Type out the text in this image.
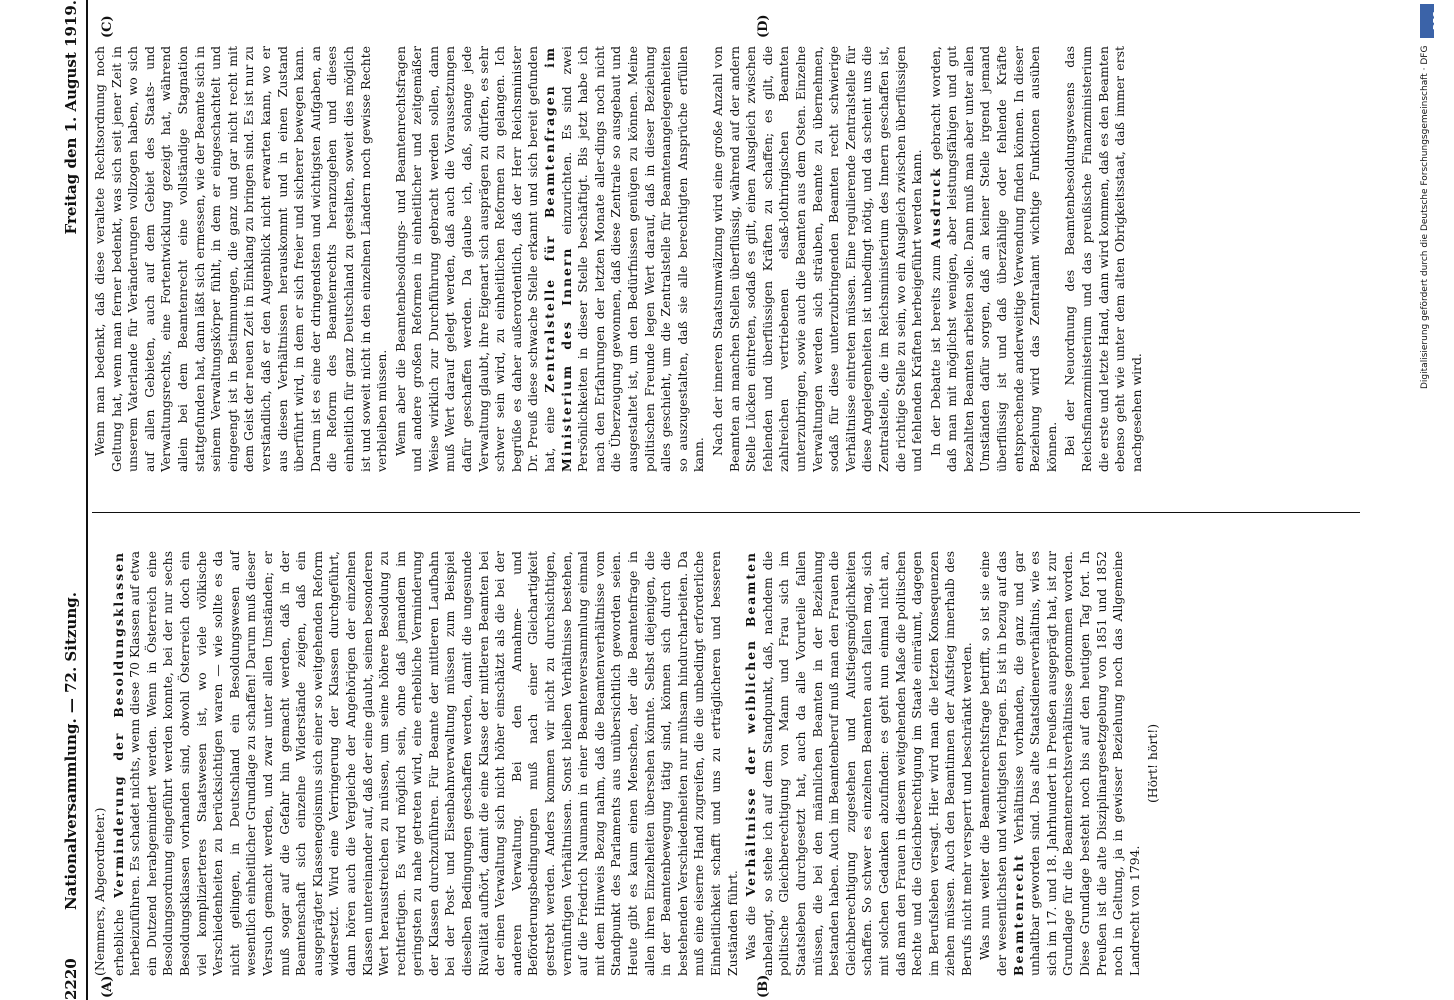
2220
Nationalversammlung. — 72. Sitzung.
Freitag den 1. August 1919.
(A)	(B)
(C)	(D)

(Nemmers, Abgeordneter.) erhebliche Verminderung der Besoldungsklassen herbeizuführen. Es schadet nichts, wenn diese 70 Klassen auf etwa ein Dutzend herabgemindert werden. Wenn in Österreich eine Besoldungsordnung eingeführt werden konnte, bei der nur sechs Besoldungsklassen vorhanden sind, obwohl Österreich doch ein viel komplizierteres Staatswesen ist, wo viele völkische Verschiedenheiten zu berücksichtigen waren — wie sollte es da nicht gelingen, in Deutschland ein Besoldungswesen auf wesentlich einheitlicher Grundlage zu schaffen! Darum muß dieser Versuch gemacht werden, und zwar unter allen Umständen; er muß sogar auf die Gefahr hin gemacht werden, daß in der Beamtenschaft sich einzelne Widerstände zeigen, daß ein ausgeprägter Klassenegoismus sich einer so weitgehenden Reform widersetzt. Wird eine Verringerung der Klassen durchgeführt, dann hören auch die Vergleiche der Angehörigen der einzelnen Klassen untereinander auf, daß der eine glaubt, seinen besonderen Wert herausstreichen zu müssen, um seine höhere Besoldung zu rechtfertigen. Es wird möglich sein, ohne daß jemandem im geringsten zu nahe getreten wird, eine erhebliche Verminderung der Klassen durchzuführen. Für Beamte der mittleren Laufbahn bei der Post- und Eisenbahnverwaltung müssen zum Beispiel dieselben Bedingungen geschaffen werden, damit die ungesunde Rivalität aufhört, damit die eine Klasse der mittleren Beamten bei der einen Verwaltung sich nicht höher einschätzt als die bei der anderen Verwaltung. Bei den Annahme- und Beförderungsbedingungen muß nach einer Gleichartigkeit gestrebt werden. Anders kommen wir nicht zu durchsichtigen, vernünftigen Verhältnissen. Sonst bleiben Verhältnisse bestehen, auf die Friedrich Naumann in einer Beamtenversammlung einmal mit dem Hinweis Bezug nahm, daß die Beamtenverhältnisse vom Standpunkt des Parlaments aus unübersichtlich geworden seien. Heute gibt es kaum einen Menschen, der die Beamtenfrage in allen ihren Einzelheiten übersehen könnte. Selbst diejenigen, die in der Beamtenbewegung tätig sind, können sich durch die bestehenden Verschiedenheiten nur mühsam hindurcharbeiten. Da muß eine eiserne Hand zugreifen, die die unbedingt erforderliche Einheitlichkeit schafft und uns zu erträglicheren und besseren Zuständen führt. Was die Verhältnisse der weiblichen Beamten anbelangt, so stehe ich auf dem Standpunkt, daß, nachdem die politische Gleichberechtigung von Mann und Frau sich im Staatsleben durchgesetzt hat, auch da alle Vorurteile fallen müssen, die bei den männlichen Beamten in der Beziehung bestanden haben. Auch im Beamtenberuf muß man den Frauen die Gleichberechtigung zugestehen und Aufstiegsmöglichkeiten schaffen. So schwer es einzelnen Beamten auch fallen mag, sich mit solchen Gedanken abzufinden: es geht nun einmal nicht an, daß man den Frauen in diesem weitgehenden Maße die politischen Rechte und die Gleichberechtigung im Staate einräumt, dagegen im Berufsleben versagt. Hier wird man die letzten Konsequenzen ziehen müssen. Auch den Beamtinnen der Aufstieg innerhalb des Berufs nicht mehr versperrt und beschränkt werden. Was nun weiter die Beamtenrechtsfrage betrifft, so ist sie eine der wesentlichsten und wichtigsten Fragen. Es ist in bezug auf das Beamtenrecht Verhältnisse vorhanden, die ganz und gar unhaltbar geworden sind. Das alte Staatsdienerverhältnis, wie es sich im 17. und 18. Jahrhundert in Preußen ausgeprägt hat, ist zur Grundlage für die Beamtenrechtsverhältnisse genommen worden. Diese Grundlage besteht noch bis auf den heutigen Tag fort. In Preußen ist die alte Disziplinargesetzgebung von 1851 und 1852 noch in Geltung, ja in gewisser Beziehung noch das Allgemeine Landrecht von 1794.

(Hört! hört!)

Wenn man bedenkt, daß diese veraltete Rechtsordnung noch Geltung hat, wenn man ferner bedenkt, was sich seit jener Zeit in unserem Vaterlande für Veränderungen vollzogen haben, wo sich auf allen Gebieten, auch auf dem Gebiet des Staats- und Verwaltungsrechts, eine Fortentwicklung gezeigt hat, während allein bei dem Beamtenrecht eine vollständige Stagnation stattgefunden hat, dann läßt sich ermessen, wie der Beamte sich in seinem Verwaltungskörper fühlt, in dem er eingeschachtelt und eingeengt ist in Bestimmungen, die ganz und gar nicht recht mit dem Geist der neuen Zeit in Einklang zu bringen sind. Es ist nur zu verständlich, daß er den Augenblick nicht erwarten kann, wo er aus diesen Verhältnissen herauskommt und in einen Zustand überführt wird, in dem er sich freier und sicherer bewegen kann. Darum ist es eine der dringendsten und wichtigsten Aufgaben, an die Reform des Beamtenrechts heranzugehen und dieses einheitlich für ganz Deutschland zu gestalten, soweit dies möglich ist und soweit nicht in den einzelnen Ländern noch gewisse Rechte verbleiben müssen. Wenn aber die Beamtenbesoldungs- und Beamtenrechtsfragen und andere großen Reformen in einheitlicher und zeitgemäßer Weise wirklich zur Durchführung gebracht werden sollen, dann muß Wert darauf gelegt werden, daß auch die Voraussetzungen dafür geschaffen werden. Da glaube ich, daß, solange jede Verwaltung glaubt, ihre Eigenart sich ausprägen zu dürfen, es sehr schwer sein wird, zu einheitlichen Reformen zu gelangen. Ich begrüße es daher außerordentlich, daß der Herr Reichsminister Dr. Preuß diese schwache Stelle erkannt und sich bereit gefunden hat, eine Zentralstelle für Beamtenfragen im Ministerium des Innern einzurichten. Es sind zwei Persönlichkeiten in dieser Stelle beschäftigt. Bis jetzt habe ich nach den Erfahrungen der letzten Monate aller-dings noch nicht die Überzeugung gewonnen, daß diese Zentrale so ausgebaut und ausgestaltet ist, um den Bedürfnissen genügen zu können. Meine politischen Freunde legen Wert darauf, daß in dieser Beziehung alles geschieht, um die Zentralstelle für Beamtenangelegenheiten so auszugestalten, daß sie alle berechtigten Ansprüche erfüllen kann. Nach der inneren Staatsumwälzung wird eine große Anzahl von Beamten an manchen Stellen überflüssig, während auf der andern Stelle Lücken eintreten, sodaß es gilt, einen Ausgleich zwischen fehlenden und überflüssigen Kräften zu schaffen; es gilt, die zahlreichen vertriebenen elsaß-lothringischen Beamten unterzubringen, sowie auch die Beamten aus dem Osten. Einzelne Verwaltungen werden sich sträuben, Beamte zu übernehmen, sodaß für diese unterzubringenden Beamten recht schwierige Verhältnisse eintreten müssen. Eine regulierende Zentralstelle für diese Angelegenheiten ist unbedingt nötig, und da scheint uns die Zentralstelle, die im Reichsministerium des Innern geschaffen ist, die richtige Stelle zu sein, wo ein Ausgleich zwischen überflüssigen und fehlenden Kräften herbeigeführt werden kann. In der Debatte ist bereits zum Ausdruck gebracht worden, daß man mit möglichst wenigen, aber leistungsfähigen und gut bezahlten Beamten arbeiten solle. Dann muß man aber unter allen Umständen dafür sorgen, daß an keiner Stelle irgend jemand überflüssig ist und daß überzählige oder fehlende Kräfte entsprechende anderweitige Verwendung finden können. In dieser Beziehung wird das Zentralamt wichtige Funktionen ausüben können. Bei der Neuordnung des Beamtenbesoldungswesens das Reichsfinanzministerium und das preußische Finanzministerium die erste und letzte Hand, dann wird kommen, daß es den Beamten ebenso geht wie unter dem alten Obrigkeitsstaat, daß immer erst nachgesehen wird.

DFG
Digitalisierung gefördert durch die Deutsche Forschungsgemeinschaft · DFG
